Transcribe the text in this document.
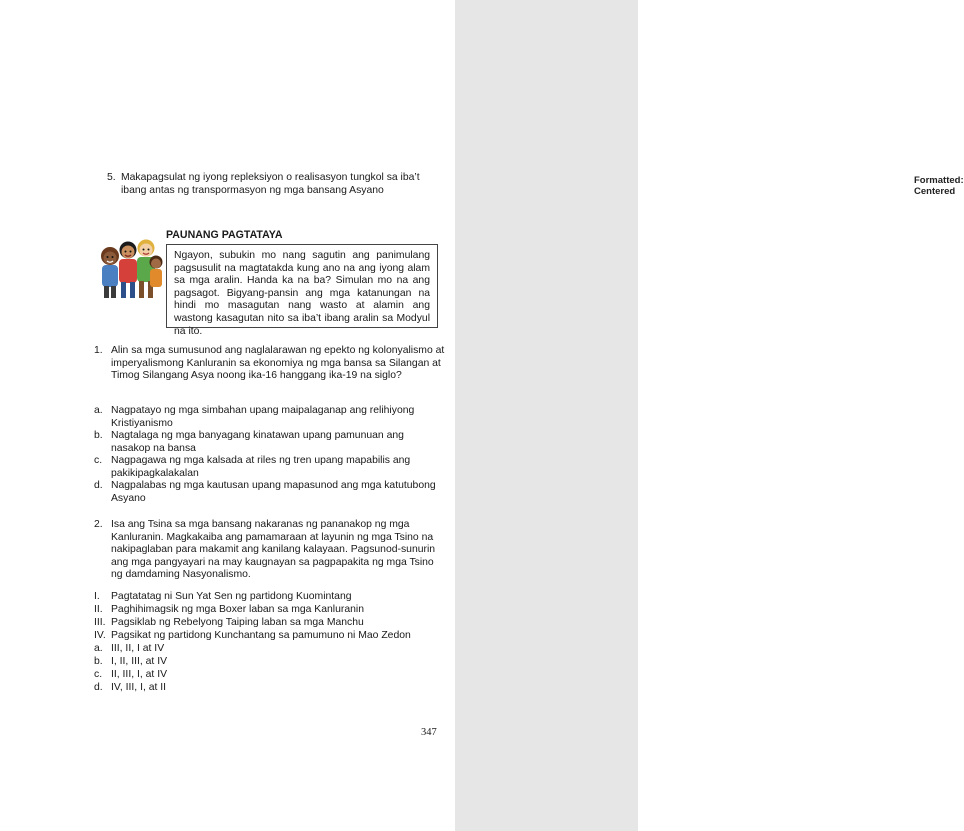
Formatted: Centered
5. Makapagsulat ng iyong repleksiyon o realisasyon tungkol sa iba’t ibang antas ng transpormasyon ng mga bansang Asyano
PAUNANG PAGTATAYA
Ngayon, subukin mo nang sagutin ang panimulang pagsusulit na magtatakda kung ano na ang iyong alam sa mga aralin. Handa ka na ba? Simulan mo na ang pagsagot. Bigyang-pansin ang mga katanungan na hindi mo masagutan nang wasto at alamin ang wastong kasagutan nito sa iba’t ibang aralin sa Modyul na ito.
1. Alin sa mga sumusunod ang naglalarawan ng epekto ng kolonyalismo at imperyalismong Kanluranin sa ekonomiya ng mga bansa sa Silangan at Timog Silangang Asya noong ika-16 hanggang ika-19 na siglo?
a. Nagpatayo ng mga simbahan upang maipalaganap ang relihiyong Kristiyanismo
b. Nagtalaga ng mga banyagang kinatawan upang pamunuan ang nasakop na bansa
c. Nagpagawa ng mga kalsada at riles ng tren upang mapabilis ang pakikipagkalakalan
d. Nagpalabas ng mga kautusan upang mapasunod ang mga katutubong Asyano
2. Isa ang Tsina sa mga bansang nakaranas ng pananakop ng mga Kanluranin. Magkakaiba ang pamamaraan at layunin ng mga Tsino na nakipaglaban para makamit ang kanilang kalayaan. Pagsunod-sunurin ang mga pangyayari na may kaugnayan sa pagpapakita ng mga Tsino ng damdaming Nasyonalismo.
I.	Pagtatatag ni Sun Yat Sen ng partidong Kuomintang
II. Paghihimagsik ng mga Boxer laban sa mga Kanluranin
III. Pagsiklab ng Rebelyong Taiping laban sa mga Manchu
IV. Pagsikat ng partidong Kunchantang sa pamumuno ni Mao Zedon
a. III, II, I at IV
b. I, II, III, at IV
c. II, III, I, at IV
d. IV, III, I, at II
347
